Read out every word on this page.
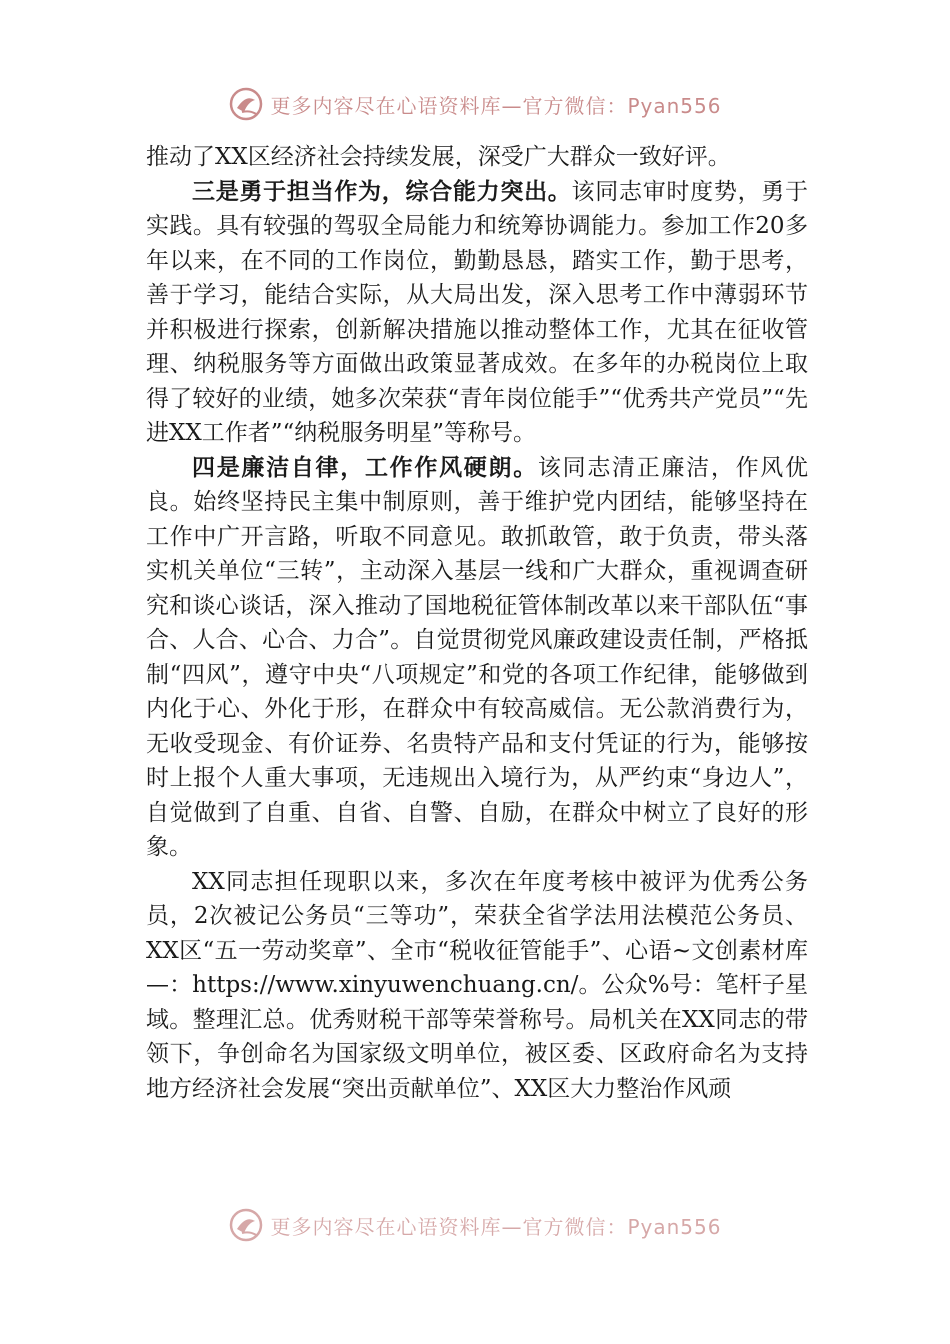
更多内容尽在心语资料库—官方微信：Pyan556

推动了XX区经济社会持续发展，深受广大群众一致好评。

三是勇于担当作为，综合能力突出。该同志审时度势，勇于实践。具有较强的驾驭全局能力和统筹协调能力。参加工作20多年以来，在不同的工作岗位，勤勤恳恳，踏实工作，勤于思考，善于学习，能结合实际，从大局出发，深入思考工作中薄弱环节并积极进行探索，创新解决措施以推动整体工作，尤其在征收管理、纳税服务等方面做出政策显著成效。在多年的办税岗位上取得了较好的业绩，她多次荣获“青年岗位能手”“优秀共产党员”“先进XX工作者”“纳税服务明星”等称号。

四是廉洁自律，工作作风硬朗。该同志清正廉洁，作风优良。始终坚持民主集中制原则，善于维护党内团结，能够坚持在工作中广开言路，听取不同意见。敢抓敢管，敢于负责，带头落实机关单位“三转”，主动深入基层一线和广大群众，重视调查研究和谈心谈话，深入推动了国地税征管体制改革以来干部队伍“事合、人合、心合、力合”。自觉贯彻党风廉政建设责任制，严格抵制“四风”，遵守中央“八项规定”和党的各项工作纪律，能够做到内化于心、外化于形，在群众中有较高威信。无公款消费行为，无收受现金、有价证券、名贵特产品和支付凭证的行为，能够按时上报个人重大事项，无违规出入境行为，从严约束“身边人”，自觉做到了自重、自省、自警、自励，在群众中树立了良好的形象。

XX同志担任现职以来，多次在年度考核中被评为优秀公务员，2次被记公务员“三等功”，荣获全省学法用法模范公务员、XX区“五一劳动奖章”、全市“税收征管能手”、心语~文创素材库—：https://www.xinyuwenchuang.cn/。公众%号：笔杆子星域。整理汇总。优秀财税干部等荣誉称号。局机关在XX同志的带领下，争创命名为国家级文明单位，被区委、区政府命名为支持地方经济社会发展“突出贡献单位”、XX区大力整治作风顽

更多内容尽在心语资料库—官方微信：Pyan556
